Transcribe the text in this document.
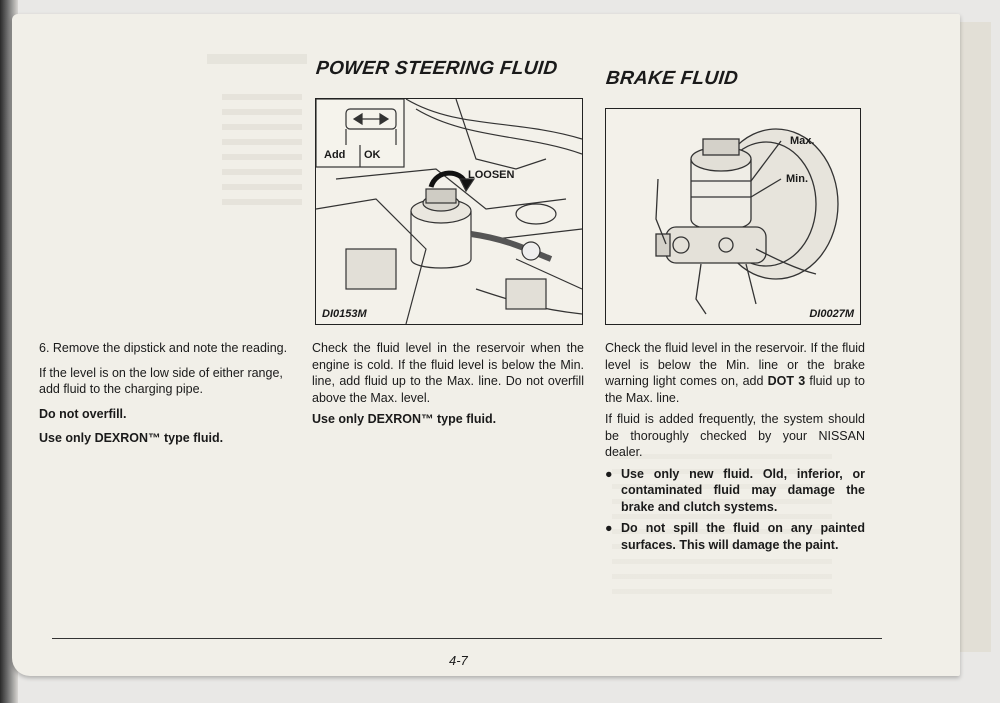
6. Remove the dipstick and note the reading.

If the level is on the low side of either range, add fluid to the charging pipe.

Do not overfill.

Use only DEXRON™ type fluid.

POWER STEERING FLUID
Add OK
LOOSEN
DI0153M

Check the fluid level in the reservoir when the engine is cold. If the fluid level is below the Min. line, add fluid up to the Max. line. Do not overfill above the Max. level.

Use only DEXRON™ type fluid.

BRAKE FLUID
Max.
Min.
DI0027M

Check the fluid level in the reservoir. If the fluid level is below the Min. line or the brake warning light comes on, add DOT 3 fluid up to the Max. line.

If fluid is added frequently, the system should be thoroughly checked by your NISSAN dealer.

● Use only new fluid. Old, inferior, or contaminated fluid may damage the brake and clutch systems.
● Do not spill the fluid on any painted surfaces. This will damage the paint.
4-7
